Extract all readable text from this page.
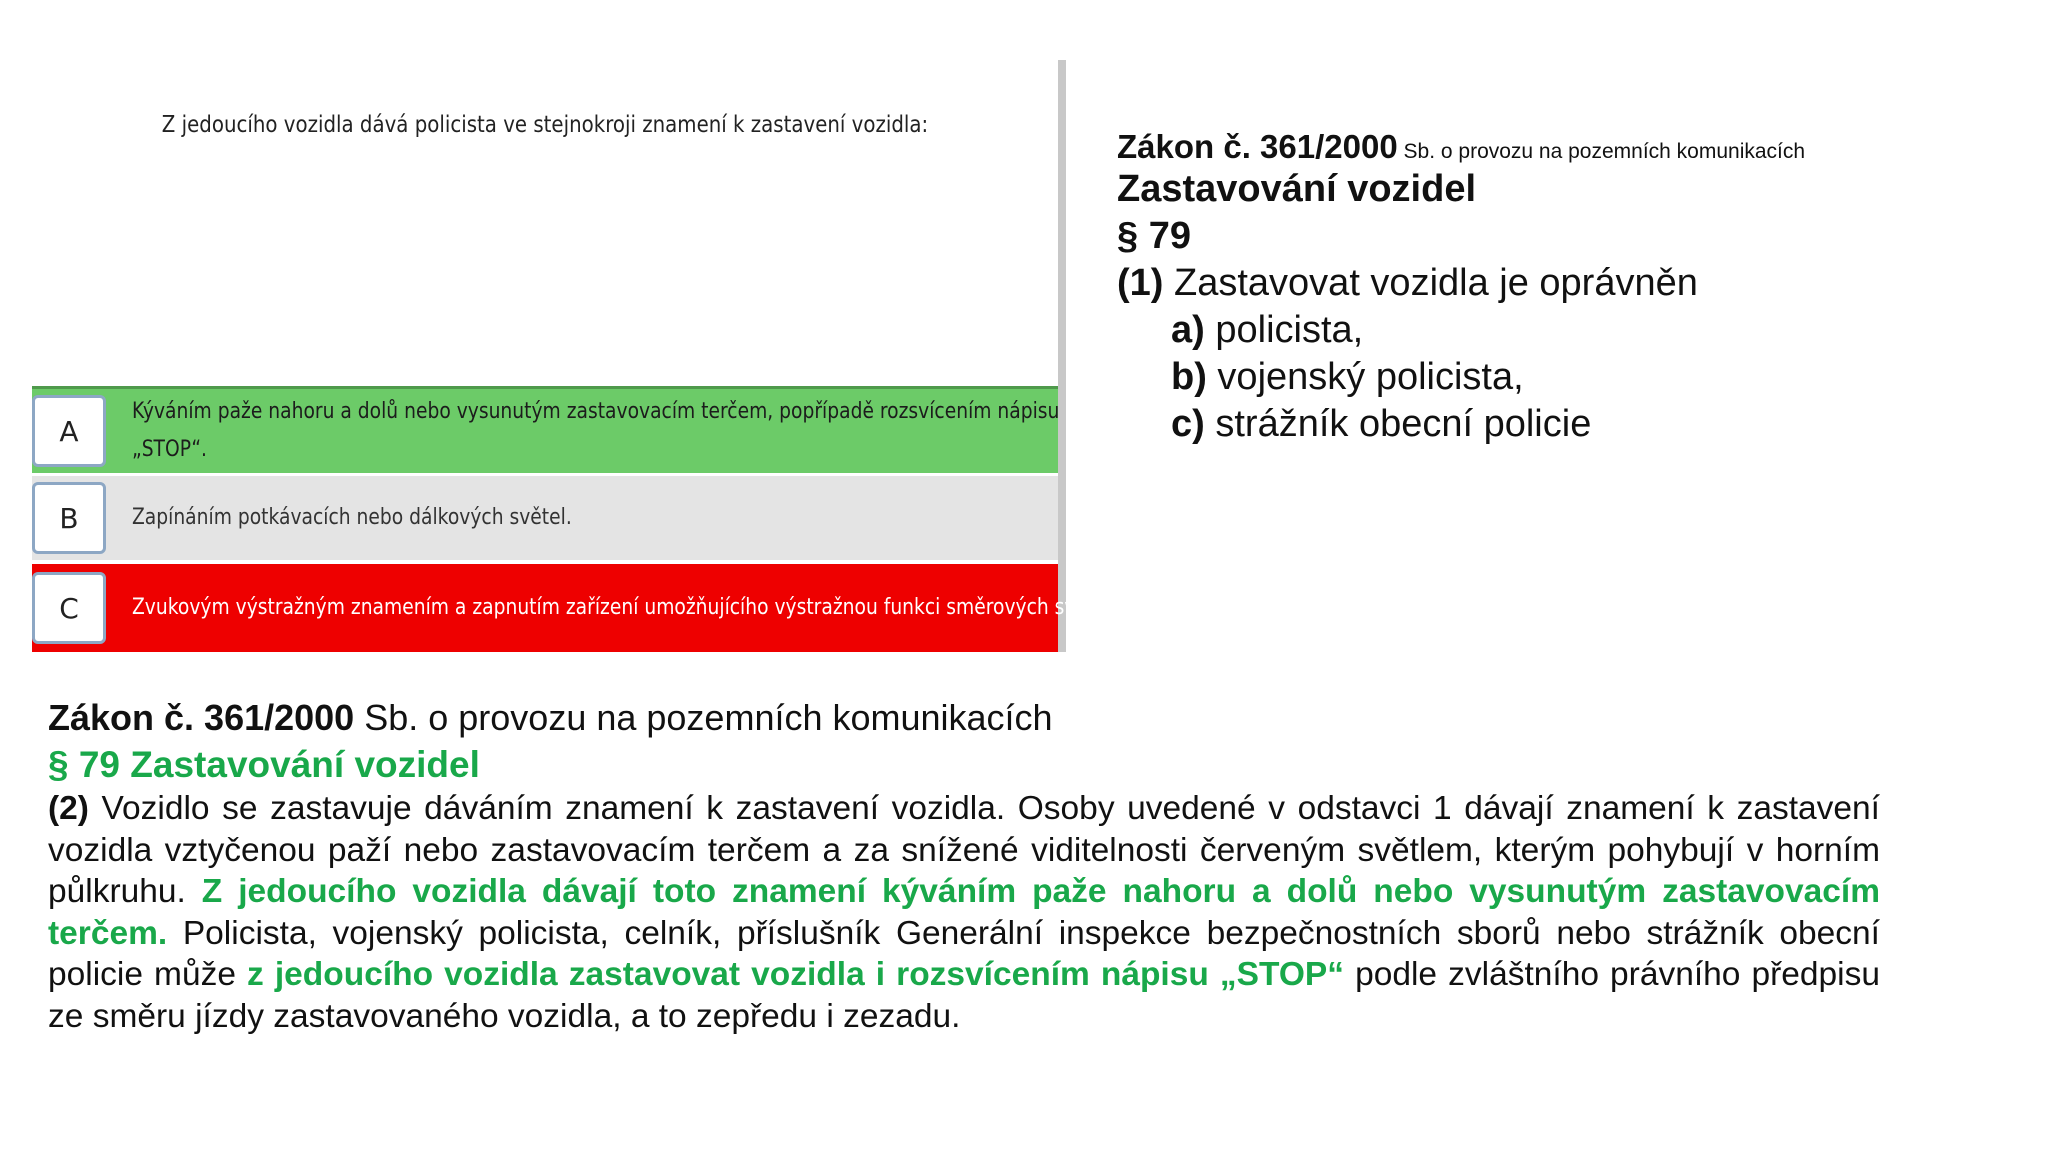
Z jedoucího vozidla dává policista ve stejnokroji znamení k zastavení vozidla:
A
Kýváním paže nahoru a dolů nebo vysunutým zastavovacím terčem, popřípadě rozsvícením nápisu „STOP“.
B	Zapínáním potkávacích nebo dálkových světel.
C	Zvukovým výstražným znamením a zapnutím zařízení umožňujícího výstražnou funkci směrových světel.
Zákon č. 361/2000 Sb. o provozu na pozemních komunikacích
Zastavování vozidel
§ 79
(1) Zastavovat vozidla je oprávněn
a) policista,
b) vojenský policista,
c) strážník obecní policie
Zákon č. 361/2000 Sb. o provozu na pozemních komunikacích
§ 79 Zastavování vozidel
(2) Vozidlo se zastavuje dáváním znamení k zastavení vozidla. Osoby uvedené v odstavci 1 dávají znamení k zastavení vozidla vztyčenou paží nebo zastavovacím terčem a za snížené viditelnosti červeným světlem, kterým pohybují v horním půlkruhu. Z jedoucího vozidla dávají toto znamení kýváním paže nahoru a dolů nebo vysunutým zastavovacím terčem. Policista, vojenský policista, celník, příslušník Generální inspekce bezpečnostních sborů nebo strážník obecní policie může z jedoucího vozidla zastavovat vozidla i rozsvícením nápisu „STOP“ podle zvláštního právního předpisu ze směru jízdy zastavovaného vozidla, a to zepředu i zezadu.
